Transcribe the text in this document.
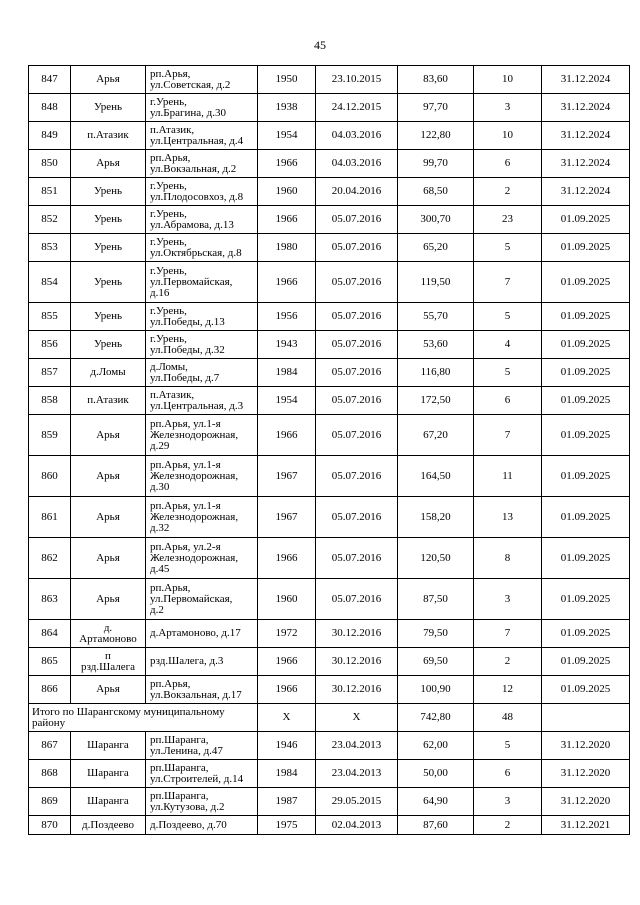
45
847	Арья	рп.Арья,
ул.Советская, д.2	1950	23.10.2015	83,60	10	31.12.2024
848	Урень	г.Урень,
ул.Брагина, д.30	1938	24.12.2015	97,70	3	31.12.2024
849	п.Атазик	п.Атазик,
ул.Центральная, д.4	1954	04.03.2016	122,80	10	31.12.2024
850	Арья	рп.Арья,
ул.Вокзальная, д.2	1966	04.03.2016	99,70	6	31.12.2024
851	Урень	г.Урень,
ул.Плодосовхоз, д.8	1960	20.04.2016	68,50	2	31.12.2024
852	Урень	г.Урень,
ул.Абрамова, д.13	1966	05.07.2016	300,70	23	01.09.2025
853	Урень	г.Урень,
ул.Октябрьская, д.8	1980	05.07.2016	65,20	5	01.09.2025
854	Урень	г.Урень,
ул.Первомайская,
д.16	1966	05.07.2016	119,50	7	01.09.2025
855	Урень	г.Урень,
ул.Победы, д.13	1956	05.07.2016	55,70	5	01.09.2025
856	Урень	г.Урень,
ул.Победы, д.32	1943	05.07.2016	53,60	4	01.09.2025
857	д.Ломы	д.Ломы,
ул.Победы, д.7	1984	05.07.2016	116,80	5	01.09.2025
858	п.Атазик	п.Атазик,
ул.Центральная, д.3	1954	05.07.2016	172,50	6	01.09.2025
859	Арья	рп.Арья, ул.1-я
Железнодорожная,
д.29	1966	05.07.2016	67,20	7	01.09.2025
860	Арья	рп.Арья, ул.1-я
Железнодорожная,
д.30	1967	05.07.2016	164,50	11	01.09.2025
861	Арья	рп.Арья, ул.1-я
Железнодорожная,
д.32	1967	05.07.2016	158,20	13	01.09.2025
862	Арья	рп.Арья, ул.2-я
Железнодорожная,
д.45	1966	05.07.2016	120,50	8	01.09.2025
863	Арья	рп.Арья,
ул.Первомайская,
д.2	1960	05.07.2016	87,50	3	01.09.2025
864	д.
Артамоново	д.Артамоново, д.17	1972	30.12.2016	79,50	7	01.09.2025
865	п
рзд.Шалега	рзд.Шалега, д.3	1966	30.12.2016	69,50	2	01.09.2025
866	Арья	рп.Арья,
ул.Вокзальная, д.17	1966	30.12.2016	100,90	12	01.09.2025
Итого по Шарангскому муниципальному
району			X	X	742,80	48	
867	Шаранга	рп.Шаранга,
ул.Ленина, д.47	1946	23.04.2013	62,00	5	31.12.2020
868	Шаранга	рп.Шаранга,
ул.Строителей, д.14	1984	23.04.2013	50,00	6	31.12.2020
869	Шаранга	рп.Шаранга,
ул.Кутузова, д.2	1987	29.05.2015	64,90	3	31.12.2020
870	д.Поздеево	д.Поздеево, д.70	1975	02.04.2013	87,60	2	31.12.2021
